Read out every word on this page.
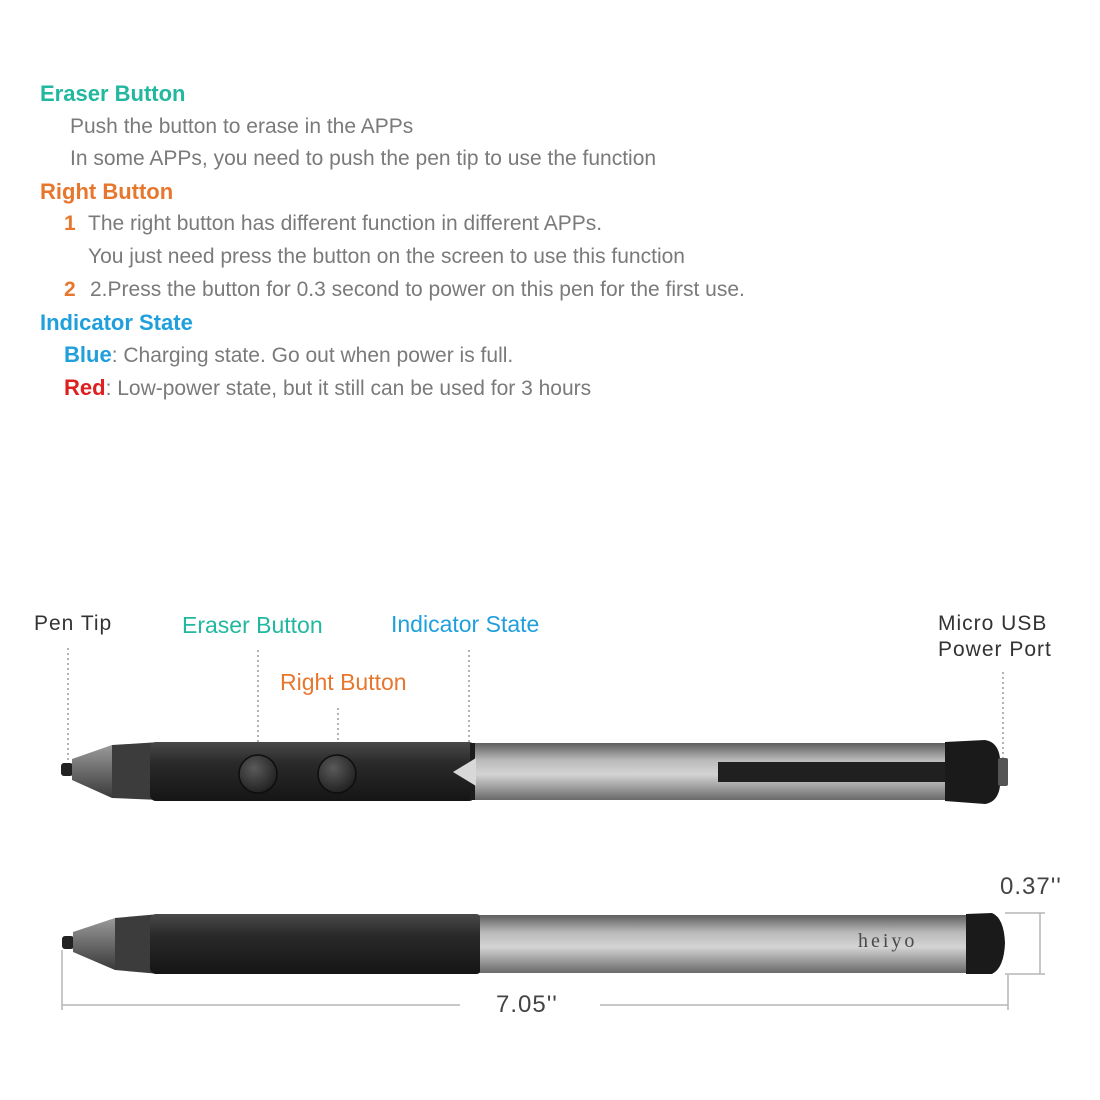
Eraser Button
Push the button to erase in the APPs
In some APPs, you need to push the pen tip to use the function
Right Button
1 The right button has different function in different APPs.
You just need press the button on the screen to use this function
2 2.Press the button for 0.3 second to power on this pen for the first use.
Indicator State
Blue: Charging state. Go out when power is full.
Red: Low-power state, but it still can be used for 3 hours
Pen Tip	Eraser Button	Indicator State
Right Button
Micro USB
Power Port
0.37''
7.05''
heiyo
